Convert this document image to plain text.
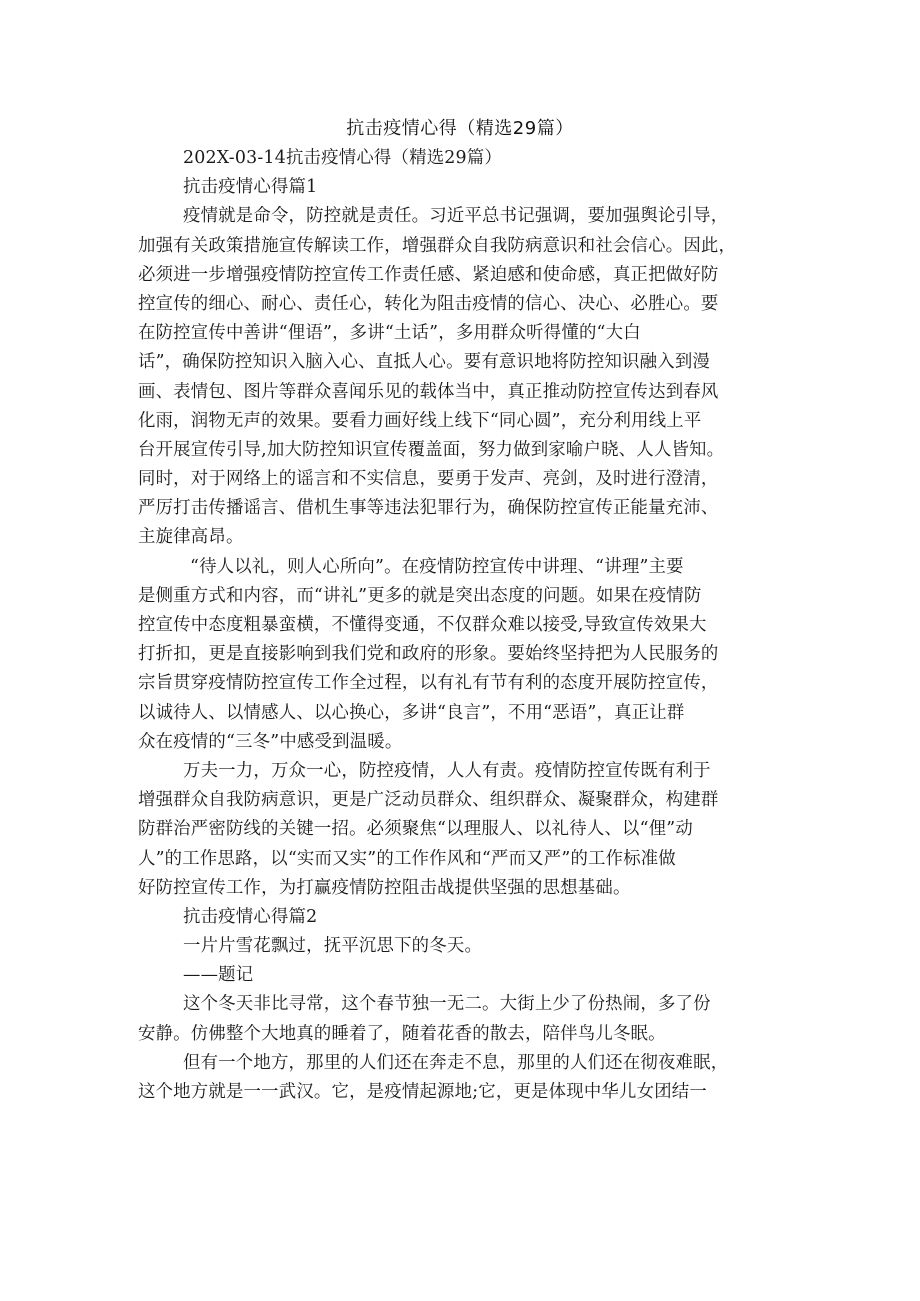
抗击疫情心得（精选29篇）
202X-03-14抗击疫情心得（精选29篇）
抗击疫情心得篇1
疫情就是命令，防控就是责任。习近平总书记强调，要加强舆论引导，
加强有关政策措施宣传解读工作，增强群众自我防病意识和社会信心。因此，
必须进一步增强疫情防控宣传工作责任感、紧迫感和使命感，真正把做好防
控宣传的细心、耐心、责任心，转化为阻击疫情的信心、决心、必胜心。要
在防控宣传中善讲“俚语”，多讲“土话”，多用群众听得懂的“大白
话”，确保防控知识入脑入心、直抵人心。要有意识地将防控知识融入到漫
画、表情包、图片等群众喜闻乐见的载体当中，真正推动防控宣传达到春风
化雨，润物无声的效果。要看力画好线上线下“同心圆”，充分利用线上平
台开展宣传引导,加大防控知识宣传覆盖面，努力做到家喻户晓、人人皆知。
同时，对于网络上的谣言和不实信息，要勇于发声、亮剑，及时进行澄清，
严厉打击传播谣言、借机生事等违法犯罪行为，确保防控宣传正能量充沛、
主旋律高昂。
“待人以礼，则人心所向”。在疫情防控宣传中讲理、“讲理”主要
是侧重方式和内容，而“讲礼”更多的就是突出态度的问题。如果在疫情防
控宣传中态度粗暴蛮横，不懂得变通，不仅群众难以接受,导致宣传效果大
打折扣，更是直接影响到我们党和政府的形象。要始终坚持把为人民服务的
宗旨贯穿疫情防控宣传工作全过程，以有礼有节有利的态度开展防控宣传，
以诚待人、以情感人、以心换心，多讲“良言”，不用“恶语”，真正让群
众在疫情的“三冬”中感受到温暖。
万夫一力，万众一心，防控疫情，人人有责。疫情防控宣传既有利于
增强群众自我防病意识，更是广泛动员群众、组织群众、凝聚群众，构建群
防群治严密防线的关键一招。必须聚焦“以理服人、以礼待人、以“俚”动
人”的工作思路，以“实而又实”的工作作风和“严而又严”的工作标准做
好防控宣传工作，为打赢疫情防控阻击战提供坚强的思想基础。
抗击疫情心得篇2
一片片雪花飘过，抚平沉思下的冬天。
——题记
这个冬天非比寻常，这个春节独一无二。大街上少了份热闹，多了份
安静。仿佛整个大地真的睡着了，随着花香的散去，陪伴鸟儿冬眠。
但有一个地方，那里的人们还在奔走不息，那里的人们还在彻夜难眠，
这个地方就是一一武汉。它，是疫情起源地;它，更是体现中华儿女团结一
